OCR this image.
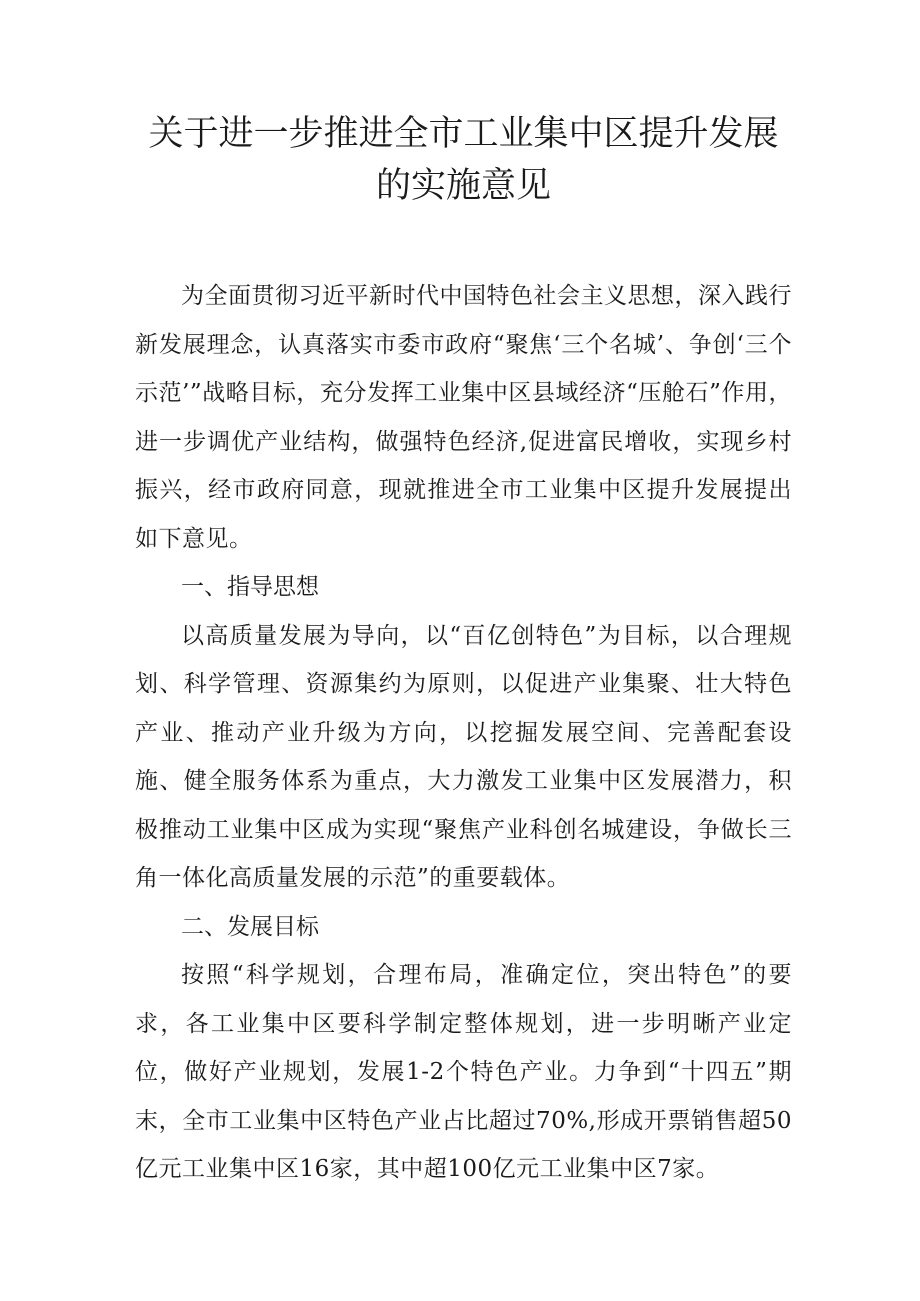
关于进一步推进全市工业集中区提升发展
的实施意见

为全面贯彻习近平新时代中国特色社会主义思想，深入践行新发展理念，认真落实市委市政府“聚焦‘三个名城’、争创‘三个示范’”战略目标，充分发挥工业集中区县域经济“压舱石”作用，进一步调优产业结构，做强特色经济,促进富民增收，实现乡村振兴，经市政府同意，现就推进全市工业集中区提升发展提出如下意见。

一、指导思想

以高质量发展为导向，以“百亿创特色”为目标，以合理规划、科学管理、资源集约为原则，以促进产业集聚、壮大特色产业、推动产业升级为方向，以挖掘发展空间、完善配套设施、健全服务体系为重点，大力激发工业集中区发展潜力，积极推动工业集中区成为实现“聚焦产业科创名城建设，争做长三角一体化高质量发展的示范”的重要载体。

二、发展目标

按照“科学规划，合理布局，准确定位，突出特色”的要求，各工业集中区要科学制定整体规划，进一步明晰产业定位，做好产业规划，发展1-2个特色产业。力争到“十四五”期末，全市工业集中区特色产业占比超过70%,形成开票销售超50亿元工业集中区16家，其中超100亿元工业集中区7家。
